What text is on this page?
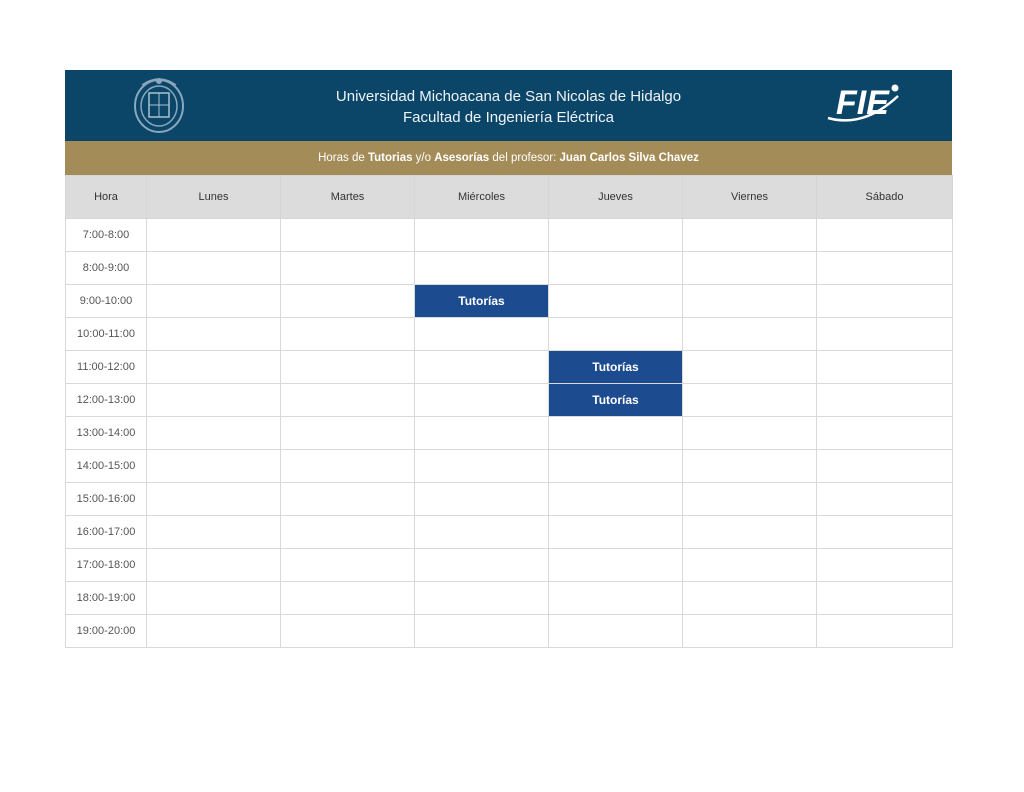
Universidad Michoacana de San Nicolas de Hidalgo
Facultad de Ingeniería Eléctrica	FIE
Horas de Tutorias y/o Asesorías del profesor: Juan Carlos Silva Chavez
Hora	Lunes	Martes	Miércoles	Jueves	Viernes	Sábado
7:00-8:00						
8:00-9:00						
9:00-10:00			Tutorías			
10:00-11:00						
11:00-12:00				Tutorías		
12:00-13:00				Tutorías		
13:00-14:00						
14:00-15:00						
15:00-16:00						
16:00-17:00						
17:00-18:00						
18:00-19:00						
19:00-20:00						
